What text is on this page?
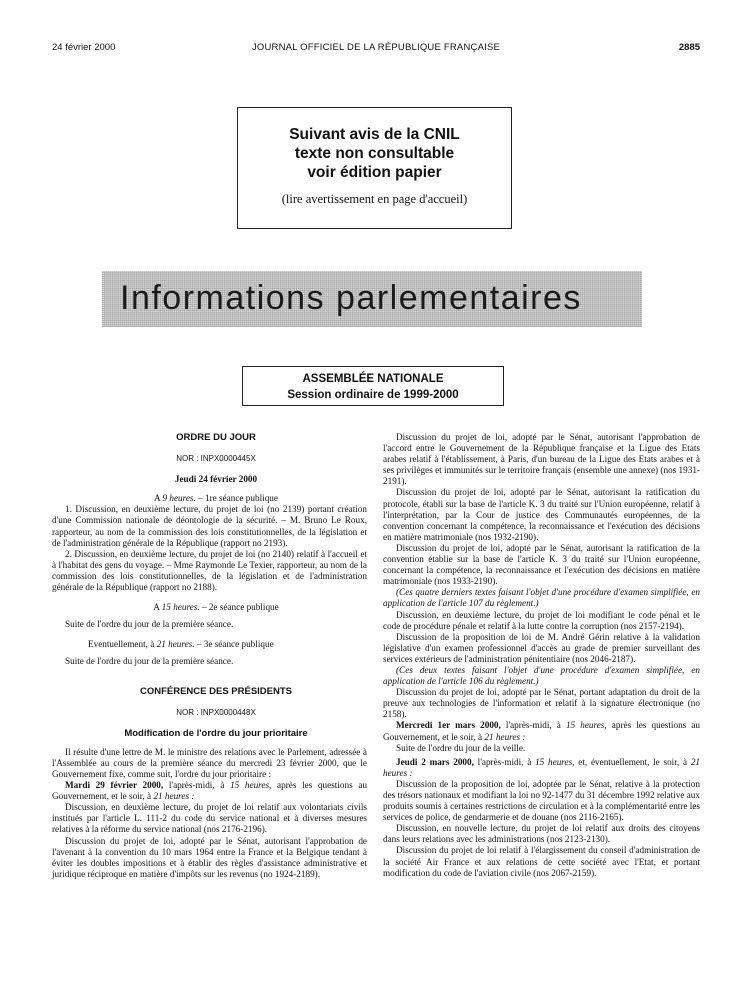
24 février 2000	JOURNAL OFFICIEL DE LA RÉPUBLIQUE FRANÇAISE	2885
Suivant avis de la CNIL
texte non consultable
voir édition papier
(lire avertissement en page d'accueil)
Informations parlementaires
ASSEMBLÉE NATIONALE
Session ordinaire de 1999-2000

ORDRE DU JOUR

NOR : INPX0000445X

Jeudi 24 février 2000

A 9 heures. – 1re séance publique

1. Discussion, en deuxième lecture, du projet de loi (no 2139) portant création d'une Commission nationale de déontologie de la sécurité. – M. Bruno Le Roux, rapporteur, au nom de la commission des lois constitutionnelles, de la législation et de l'administration générale de la République (rapport no 2193).

2. Discussion, en deuxième lecture, du projet de loi (no 2140) relatif à l'accueil et à l'habitat des gens du voyage. – Mme Raymonde Le Texier, rapporteur, au nom de la commission des lois constitutionnelles, de la législation et de l'administration générale de la République (rapport no 2188).

A 15 heures. – 2e séance publique

Suite de l'ordre du jour de la première séance.

Eventuellement, à 21 heures. – 3e séance publique

Suite de l'ordre du jour de la première séance.

CONFÉRENCE DES PRÉSIDENTS

NOR : INPX0000448X

Modification de l'ordre du jour prioritaire

Il résulte d'une lettre de M. le ministre des relations avec le Parlement, adressée à l'Assemblée au cours de la première séance du mercredi 23 février 2000, que le Gouvernement fixe, comme suit, l'ordre du jour prioritaire :

Mardi 29 février 2000, l'après-midi, à 15 heures, après les questions au Gouvernement, et le soir, à 21 heures :

Discussion, en deuxième lecture, du projet de loi relatif aux volontariats civils institués par l'article L. 111-2 du code du service national et à diverses mesures relatives à la réforme du service national (nos 2176-2196).

Discussion du projet de loi, adopté par le Sénat, autorisant l'approbation de l'avenant à la convention du 10 mars 1964 entre la France et la Belgique tendant à éviter les doubles impositions et à établir des règles d'assistance administrative et juridique réciproque en matière d'impôts sur les revenus (no 1924-2189).

Discussion du projet de loi, adopté par le Sénat, autorisant l'approbation de l'accord entre le Gouvernement de la République française et la Ligue des Etats arabes relatif à l'établissement, à Paris, d'un bureau de la Ligue des Etats arabes et à ses privilèges et immunités sur le territoire français (ensemble une annexe) (nos 1931-2191).

Discussion du projet de loi, adopté par le Sénat, autorisant la ratification du protocole, établi sur la base de l'article K. 3 du traité sur l'Union européenne, relatif à l'interprétation, par la Cour de justice des Communautés européennes, de la convention concernant la compétence, la reconnaissance et l'exécution des décisions en matière matrimoniale (nos 1932-2190).

Discussion du projet de loi, adopté par le Sénat, autorisant la ratification de la convention établie sur la base de l'article K. 3 du traité sur l'Union européenne, concernant la compétence, la reconnaissance et l'exécution des décisions en matière matrimoniale (nos 1933-2190).

(Ces quatre derniers textes faisant l'objet d'une procédure d'examen simplifiée, en application de l'article 107 du règlement.)

Discussion, en deuxième lecture, du projet de loi modifiant le code pénal et le code de procédure pénale et relatif à la lutte contre la corruption (nos 2157-2194).

Discussion de la proposition de loi de M. André Gérin relative à la validation législative d'un examen professionnel d'accès au grade de premier surveillant des services extérieurs de l'administration pénitentiaire (nos 2046-2187).

(Ces deux textes faisant l'objet d'une procédure d'examen simplifiée, en application de l'article 106 du règlement.)

Discussion du projet de loi, adopté par le Sénat, portant adaptation du droit de la preuve aux technologies de l'information et relatif à la signature électronique (no 2158).

Mercredi 1er mars 2000, l'après-midi, à 15 heures, après les questions au Gouvernement, et le soir, à 21 heures :

Suite de l'ordre du jour de la veille.

Jeudi 2 mars 2000, l'après-midi, à 15 heures, et, éventuellement, le soir, à 21 heures :

Discussion de la proposition de loi, adoptée par le Sénat, relative à la protection des trésors nationaux et modifiant la loi no 92-1477 du 31 décembre 1992 relative aux produits soumis à certaines restrictions de circulation et à la complémentarité entre les services de police, de gendarmerie et de douane (nos 2116-2165).

Discussion, en nouvelle lecture, du projet de loi relatif aux droits des citoyens dans leurs relations avec les administrations (nos 2123-2130).

Discussion du projet de loi relatif à l'élargissement du conseil d'administration de la société Air France et aux relations de cette société avec l'Etat, et portant modification du code de l'aviation civile (nos 2067-2159).
